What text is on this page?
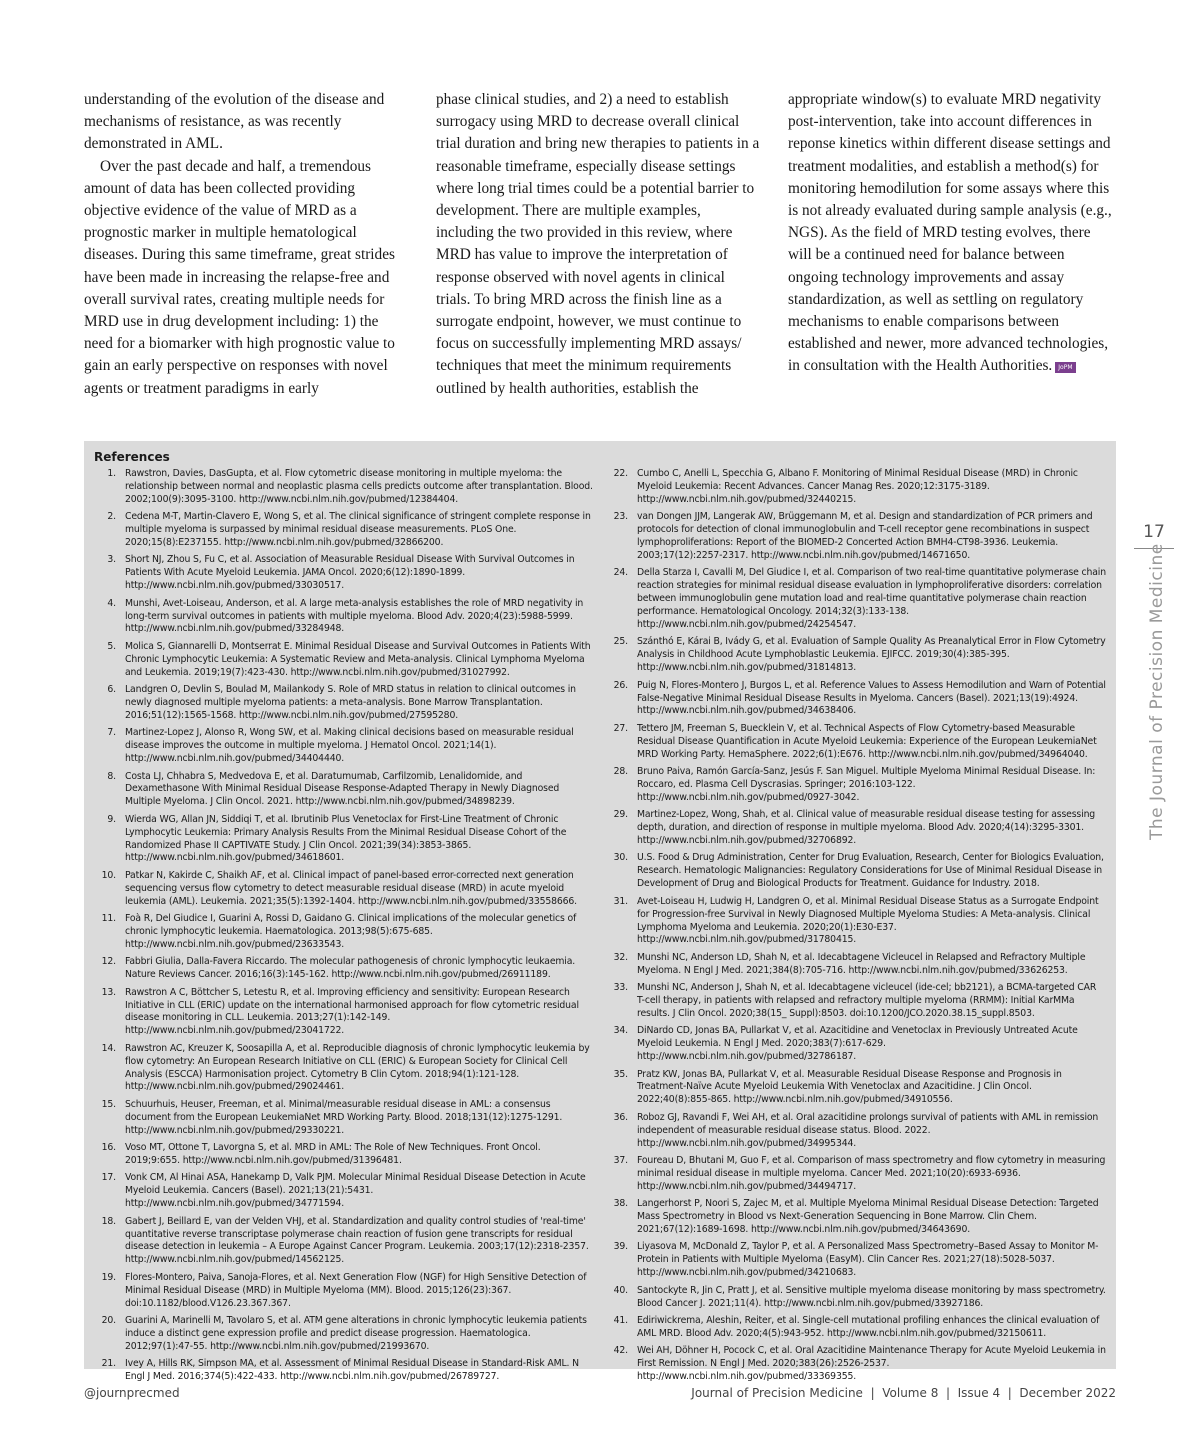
understanding of the evolution of the disease and mechanisms of resistance, as was recently demonstrated in AML.

Over the past decade and half, a tremendous amount of data has been collected providing objective evidence of the value of MRD as a prognostic marker in multiple hematological diseases. During this same timeframe, great strides have been made in increasing the relapse-free and overall survival rates, creating multiple needs for MRD use in drug development including: 1) the need for a biomarker with high prognostic value to gain an early perspective on responses with novel agents or treatment paradigms in early

phase clinical studies, and 2) a need to establish surrogacy using MRD to decrease overall clinical trial duration and bring new therapies to patients in a reasonable timeframe, especially disease settings where long trial times could be a potential barrier to development. There are multiple examples, including the two provided in this review, where MRD has value to improve the interpretation of response observed with novel agents in clinical trials. To bring MRD across the finish line as a surrogate endpoint, however, we must continue to focus on successfully implementing MRD assays/ techniques that meet the minimum requirements outlined by health authorities, establish the

appropriate window(s) to evaluate MRD negativity post-intervention, take into account differences in reponse kinetics within different disease settings and treatment modalities, and establish a method(s) for monitoring hemodilution for some assays where this is not already evaluated during sample analysis (e.g., NGS). As the field of MRD testing evolves, there will be a continued need for balance between ongoing technology improvements and assay standardization, as well as settling on regulatory mechanisms to enable comparisons between established and newer, more advanced technologies, in consultation with the Health Authorities. JoPM

References
1. Rawstron, Davies, DasGupta, et al. Flow cytometric disease monitoring in multiple myeloma: the relationship between normal and neoplastic plasma cells predicts outcome after transplantation. Blood. 2002;100(9):3095-3100. http://www.ncbi.nlm.nih.gov/pubmed/12384404.
2. Cedena M-T, Martin-Clavero E, Wong S, et al. The clinical significance of stringent complete response in multiple myeloma is surpassed by minimal residual disease measurements. PLoS One. 2020;15(8):E237155. http://www.ncbi.nlm.nih.gov/pubmed/32866200.
3. Short NJ, Zhou S, Fu C, et al. Association of Measurable Residual Disease With Survival Outcomes in Patients With Acute Myeloid Leukemia. JAMA Oncol. 2020;6(12):1890-1899. http://www.ncbi.nlm.nih.gov/pubmed/33030517.
4. Munshi, Avet-Loiseau, Anderson, et al. A large meta-analysis establishes the role of MRD negativity in long-term survival outcomes in patients with multiple myeloma. Blood Adv. 2020;4(23):5988-5999. http://www.ncbi.nlm.nih.gov/pubmed/33284948.
5. Molica S, Giannarelli D, Montserrat E. Minimal Residual Disease and Survival Outcomes in Patients With Chronic Lymphocytic Leukemia: A Systematic Review and Meta-analysis. Clinical Lymphoma Myeloma and Leukemia. 2019;19(7):423-430. http://www.ncbi.nlm.nih.gov/pubmed/31027992.
6. Landgren O, Devlin S, Boulad M, Mailankody S. Role of MRD status in relation to clinical outcomes in newly diagnosed multiple myeloma patients: a meta-analysis. Bone Marrow Transplantation. 2016;51(12):1565-1568. http://www.ncbi.nlm.nih.gov/pubmed/27595280.
7. Martinez-Lopez J, Alonso R, Wong SW, et al. Making clinical decisions based on measurable residual disease improves the outcome in multiple myeloma. J Hematol Oncol. 2021;14(1). http://www.ncbi.nlm.nih.gov/pubmed/34404440.
8. Costa LJ, Chhabra S, Medvedova E, et al. Daratumumab, Carfilzomib, Lenalidomide, and Dexamethasone With Minimal Residual Disease Response-Adapted Therapy in Newly Diagnosed Multiple Myeloma. J Clin Oncol. 2021. http://www.ncbi.nlm.nih.gov/pubmed/34898239.
9. Wierda WG, Allan JN, Siddiqi T, et al. Ibrutinib Plus Venetoclax for First-Line Treatment of Chronic Lymphocytic Leukemia: Primary Analysis Results From the Minimal Residual Disease Cohort of the Randomized Phase II CAPTIVATE Study. J Clin Oncol. 2021;39(34):3853-3865. http://www.ncbi.nlm.nih.gov/pubmed/34618601.
10. Patkar N, Kakirde C, Shaikh AF, et al. Clinical impact of panel-based error-corrected next generation sequencing versus flow cytometry to detect measurable residual disease (MRD) in acute myeloid leukemia (AML). Leukemia. 2021;35(5):1392-1404. http://www.ncbi.nlm.nih.gov/pubmed/33558666.
11. Foà R, Del Giudice I, Guarini A, Rossi D, Gaidano G. Clinical implications of the molecular genetics of chronic lymphocytic leukemia. Haematologica. 2013;98(5):675-685. http://www.ncbi.nlm.nih.gov/pubmed/23633543.
12. Fabbri Giulia, Dalla-Favera Riccardo. The molecular pathogenesis of chronic lymphocytic leukaemia. Nature Reviews Cancer. 2016;16(3):145-162. http://www.ncbi.nlm.nih.gov/pubmed/26911189.
13. Rawstron A C, Böttcher S, Letestu R, et al. Improving efficiency and sensitivity: European Research Initiative in CLL (ERIC) update on the international harmonised approach for flow cytometric residual disease monitoring in CLL. Leukemia. 2013;27(1):142-149. http://www.ncbi.nlm.nih.gov/pubmed/23041722.
14. Rawstron AC, Kreuzer K, Soosapilla A, et al. Reproducible diagnosis of chronic lymphocytic leukemia by flow cytometry: An European Research Initiative on CLL (ERIC) & European Society for Clinical Cell Analysis (ESCCA) Harmonisation project. Cytometry B Clin Cytom. 2018;94(1):121-128. http://www.ncbi.nlm.nih.gov/pubmed/29024461.
15. Schuurhuis, Heuser, Freeman, et al. Minimal/measurable residual disease in AML: a consensus document from the European LeukemiaNet MRD Working Party. Blood. 2018;131(12):1275-1291. http://www.ncbi.nlm.nih.gov/pubmed/29330221.
16. Voso MT, Ottone T, Lavorgna S, et al. MRD in AML: The Role of New Techniques. Front Oncol. 2019;9:655. http://www.ncbi.nlm.nih.gov/pubmed/31396481.
17. Vonk CM, Al Hinai ASA, Hanekamp D, Valk PJM. Molecular Minimal Residual Disease Detection in Acute Myeloid Leukemia. Cancers (Basel). 2021;13(21):5431. http://www.ncbi.nlm.nih.gov/pubmed/34771594.
18. Gabert J, Beillard E, van der Velden VHJ, et al. Standardization and quality control studies of 'real-time' quantitative reverse transcriptase polymerase chain reaction of fusion gene transcripts for residual disease detection in leukemia – A Europe Against Cancer Program. Leukemia. 2003;17(12):2318-2357. http://www.ncbi.nlm.nih.gov/pubmed/14562125.
19. Flores-Montero, Paiva, Sanoja-Flores, et al. Next Generation Flow (NGF) for High Sensitive Detection of Minimal Residual Disease (MRD) in Multiple Myeloma (MM). Blood. 2015;126(23):367. doi:10.1182/blood.V126.23.367.367.
20. Guarini A, Marinelli M, Tavolaro S, et al. ATM gene alterations in chronic lymphocytic leukemia patients induce a distinct gene expression profile and predict disease progression. Haematologica. 2012;97(1):47-55. http://www.ncbi.nlm.nih.gov/pubmed/21993670.
21. Ivey A, Hills RK, Simpson MA, et al. Assessment of Minimal Residual Disease in Standard-Risk AML. N Engl J Med. 2016;374(5):422-433. http://www.ncbi.nlm.nih.gov/pubmed/26789727.
22. Cumbo C, Anelli L, Specchia G, Albano F. Monitoring of Minimal Residual Disease (MRD) in Chronic Myeloid Leukemia: Recent Advances. Cancer Manag Res. 2020;12:3175-3189. http://www.ncbi.nlm.nih.gov/pubmed/32440215.
23. van Dongen JJM, Langerak AW, Brüggemann M, et al. Design and standardization of PCR primers and protocols for detection of clonal immunoglobulin and T-cell receptor gene recombinations in suspect lymphoproliferations: Report of the BIOMED-2 Concerted Action BMH4-CT98-3936. Leukemia. 2003;17(12):2257-2317. http://www.ncbi.nlm.nih.gov/pubmed/14671650.
24. Della Starza I, Cavalli M, Del Giudice I, et al. Comparison of two real-time quantitative polymerase chain reaction strategies for minimal residual disease evaluation in lymphoproliferative disorders: correlation between immunoglobulin gene mutation load and real-time quantitative polymerase chain reaction performance. Hematological Oncology. 2014;32(3):133-138. http://www.ncbi.nlm.nih.gov/pubmed/24254547.
25. Szánthó E, Kárai B, Ivády G, et al. Evaluation of Sample Quality As Preanalytical Error in Flow Cytometry Analysis in Childhood Acute Lymphoblastic Leukemia. EJIFCC. 2019;30(4):385-395. http://www.ncbi.nlm.nih.gov/pubmed/31814813.
26. Puig N, Flores-Montero J, Burgos L, et al. Reference Values to Assess Hemodilution and Warn of Potential False-Negative Minimal Residual Disease Results in Myeloma. Cancers (Basel). 2021;13(19):4924. http://www.ncbi.nlm.nih.gov/pubmed/34638406.
27. Tettero JM, Freeman S, Buecklein V, et al. Technical Aspects of Flow Cytometry-based Measurable Residual Disease Quantification in Acute Myeloid Leukemia: Experience of the European LeukemiaNet MRD Working Party. HemaSphere. 2022;6(1):E676. http://www.ncbi.nlm.nih.gov/pubmed/34964040.
28. Bruno Paiva, Ramón García-Sanz, Jesús F. San Miguel. Multiple Myeloma Minimal Residual Disease. In: Roccaro, ed. Plasma Cell Dyscrasias. Springer; 2016:103-122. http://www.ncbi.nlm.nih.gov/pubmed/0927-3042.
29. Martinez-Lopez, Wong, Shah, et al. Clinical value of measurable residual disease testing for assessing depth, duration, and direction of response in multiple myeloma. Blood Adv. 2020;4(14):3295-3301. http://www.ncbi.nlm.nih.gov/pubmed/32706892.
30. U.S. Food & Drug Administration, Center for Drug Evaluation, Research, Center for Biologics Evaluation, Research. Hematologic Malignancies: Regulatory Considerations for Use of Minimal Residual Disease in Development of Drug and Biological Products for Treatment. Guidance for Industry. 2018.
31. Avet-Loiseau H, Ludwig H, Landgren O, et al. Minimal Residual Disease Status as a Surrogate Endpoint for Progression-free Survival in Newly Diagnosed Multiple Myeloma Studies: A Meta-analysis. Clinical Lymphoma Myeloma and Leukemia. 2020;20(1):E30-E37. http://www.ncbi.nlm.nih.gov/pubmed/31780415.
32. Munshi NC, Anderson LD, Shah N, et al. Idecabtagene Vicleucel in Relapsed and Refractory Multiple Myeloma. N Engl J Med. 2021;384(8):705-716. http://www.ncbi.nlm.nih.gov/pubmed/33626253.
33. Munshi NC, Anderson J, Shah N, et al. Idecabtagene vicleucel (ide-cel; bb2121), a BCMA-targeted CAR T-cell therapy, in patients with relapsed and refractory multiple myeloma (RRMM): Initial KarMMa results. J Clin Oncol. 2020;38(15_ Suppl):8503. doi:10.1200/JCO.2020.38.15_suppl.8503.
34. DiNardo CD, Jonas BA, Pullarkat V, et al. Azacitidine and Venetoclax in Previously Untreated Acute Myeloid Leukemia. N Engl J Med. 2020;383(7):617-629. http://www.ncbi.nlm.nih.gov/pubmed/32786187.
35. Pratz KW, Jonas BA, Pullarkat V, et al. Measurable Residual Disease Response and Prognosis in Treatment-Naïve Acute Myeloid Leukemia With Venetoclax and Azacitidine. J Clin Oncol. 2022;40(8):855-865. http://www.ncbi.nlm.nih.gov/pubmed/34910556.
36. Roboz GJ, Ravandi F, Wei AH, et al. Oral azacitidine prolongs survival of patients with AML in remission independent of measurable residual disease status. Blood. 2022. http://www.ncbi.nlm.nih.gov/pubmed/34995344.
37. Foureau D, Bhutani M, Guo F, et al. Comparison of mass spectrometry and flow cytometry in measuring minimal residual disease in multiple myeloma. Cancer Med. 2021;10(20):6933-6936. http://www.ncbi.nlm.nih.gov/pubmed/34494717.
38. Langerhorst P, Noori S, Zajec M, et al. Multiple Myeloma Minimal Residual Disease Detection: Targeted Mass Spectrometry in Blood vs Next-Generation Sequencing in Bone Marrow. Clin Chem. 2021;67(12):1689-1698. http://www.ncbi.nlm.nih.gov/pubmed/34643690.
39. Liyasova M, McDonald Z, Taylor P, et al. A Personalized Mass Spectrometry–Based Assay to Monitor M-Protein in Patients with Multiple Myeloma (EasyM). Clin Cancer Res. 2021;27(18):5028-5037. http://www.ncbi.nlm.nih.gov/pubmed/34210683.
40. Santockyte R, Jin C, Pratt J, et al. Sensitive multiple myeloma disease monitoring by mass spectrometry. Blood Cancer J. 2021;11(4). http://www.ncbi.nlm.nih.gov/pubmed/33927186.
41. Ediriwickrema, Aleshin, Reiter, et al. Single-cell mutational profiling enhances the clinical evaluation of AML MRD. Blood Adv. 2020;4(5):943-952. http://www.ncbi.nlm.nih.gov/pubmed/32150611.
42. Wei AH, Döhner H, Pocock C, et al. Oral Azacitidine Maintenance Therapy for Acute Myeloid Leukemia in First Remission. N Engl J Med. 2020;383(26):2526-2537. http://www.ncbi.nlm.nih.gov/pubmed/33369355.
17
The Journal of Precision Medicine
@journprecmed	Journal of Precision Medicine  |  Volume 8  |  Issue 4  |  December 2022
